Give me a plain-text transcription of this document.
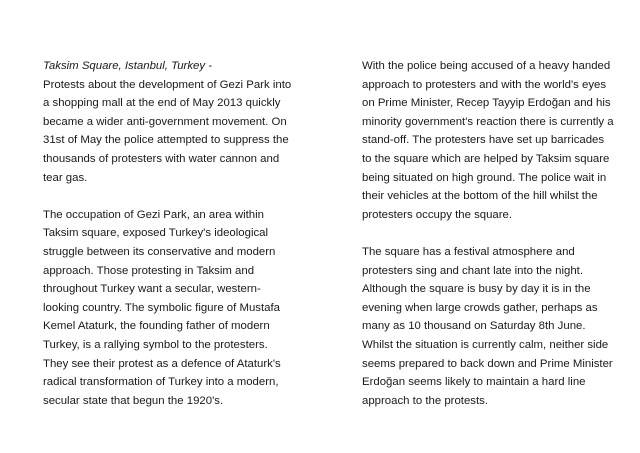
Taksim Square, Istanbul, Turkey -
Protests about the development of Gezi Park into
a shopping mall at the end of May 2013 quickly
became a wider anti-government movement. On
31st of May the police attempted to suppress the
thousands of protesters with water cannon and
tear gas.
The occupation of Gezi Park, an area within
Taksim square, exposed Turkey's ideological
struggle between its conservative and modern
approach. Those protesting in Taksim and
throughout Turkey want a secular, western-
looking country. The symbolic figure of Mustafa
Kemel Ataturk, the founding father of modern
Turkey, is a rallying symbol to the protesters.
They see their protest as a defence of Ataturk's
radical transformation of Turkey into a modern,
secular state that begun the 1920's.
With the police being accused of a heavy handed
approach to protesters and with the world's eyes
on Prime Minister, Recep Tayyip Erdoğan and his
minority government's reaction there is currently a
stand-off. The protesters have set up barricades
to the square which are helped by Taksim square
being situated on high ground. The police wait in
their vehicles at the bottom of the hill whilst the
protesters occupy the square.
The square has a festival atmosphere and
protesters sing and chant late into the night.
Although the square is busy by day it is in the
evening when large crowds gather, perhaps as
many as 10 thousand on Saturday 8th June.
Whilst the situation is currently calm, neither side
seems prepared to back down and Prime Minister
Erdoğan seems likely to maintain a hard line
approach to the protests.
